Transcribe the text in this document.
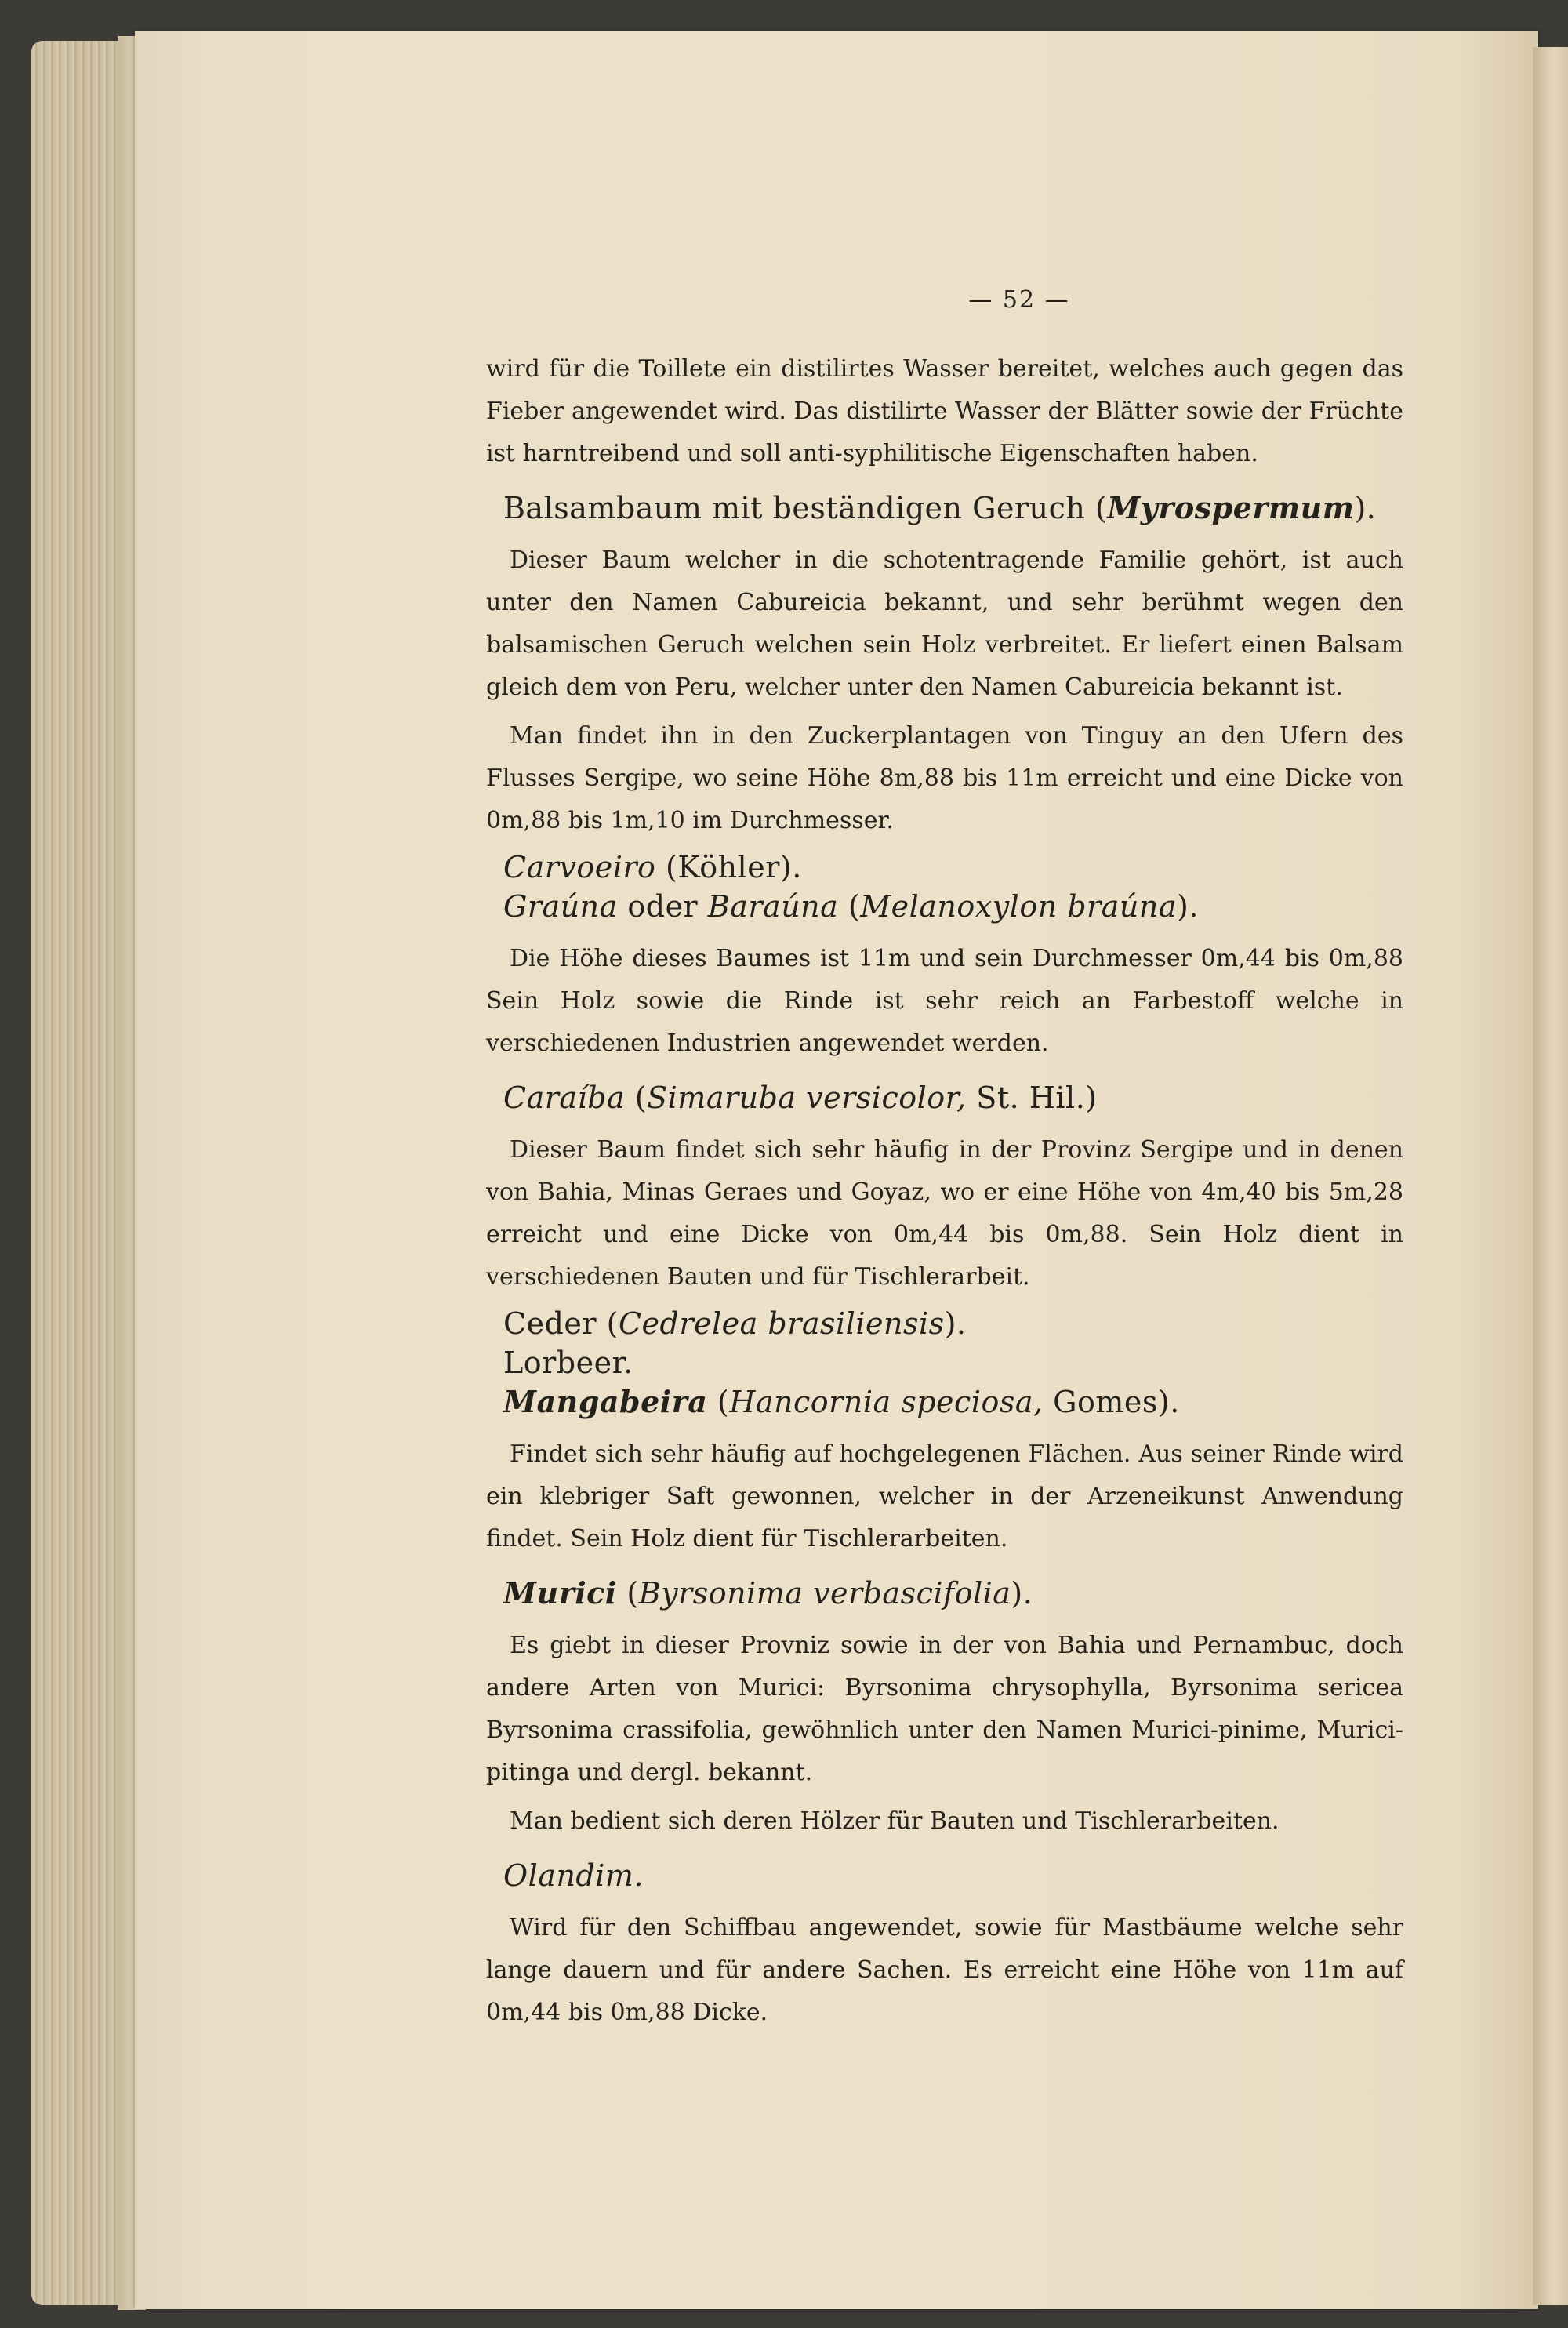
— 52 —

wird für die Toillete ein distilirtes Wasser bereitet, welches auch gegen das Fieber angewendet wird. Das distilirte Wasser der Blätter sowie der Früchte ist harntreibend und soll anti-syphilitische Eigenschaften haben.

Balsambaum mit beständigen Geruch (Myrospermum).

Dieser Baum welcher in die schotentragende Familie gehört, ist auch unter den Namen Cabureicia bekannt, und sehr berühmt wegen den balsamischen Geruch welchen sein Holz verbreitet. Er liefert einen Balsam gleich dem von Peru, welcher unter den Namen Cabureicia bekannt ist.

Man findet ihn in den Zuckerplantagen von Tinguy an den Ufern des Flusses Sergipe, wo seine Höhe 8m,88 bis 11m erreicht und eine Dicke von 0m,88 bis 1m,10 im Durchmesser.

Carvoeiro (Köhler).
Graúna oder Baraúna (Melanoxylon braúna).

Die Höhe dieses Baumes ist 11m und sein Durchmesser 0m,44 bis 0m,88 Sein Holz sowie die Rinde ist sehr reich an Farbestoff welche in verschiedenen Industrien angewendet werden.

Caraíba (Simaruba versicolor, St. Hil.)

Dieser Baum findet sich sehr häufig in der Provinz Sergipe und in denen von Bahia, Minas Geraes und Goyaz, wo er eine Höhe von 4m,40 bis 5m,28 erreicht und eine Dicke von 0m,44 bis 0m,88. Sein Holz dient in verschiedenen Bauten und für Tischlerarbeit.

Ceder (Cedrelea brasiliensis).
Lorbeer.
Mangabeira (Hancornia speciosa, Gomes).

Findet sich sehr häufig auf hochgelegenen Flächen. Aus seiner Rinde wird ein klebriger Saft gewonnen, welcher in der Arzeneikunst Anwendung findet. Sein Holz dient für Tischlerarbeiten.

Murici (Byrsonima verbascifolia).

Es giebt in dieser Provniz sowie in der von Bahia und Pernambuc, doch andere Arten von Murici: Byrsonima chrysophylla, Byrsonima sericea Byrsonima crassifolia, gewöhnlich unter den Namen Murici-pinime, Murici-pitinga und dergl. bekannt.

Man bedient sich deren Hölzer für Bauten und Tischlerarbeiten.

Olandim.

Wird für den Schiffbau angewendet, sowie für Mastbäume welche sehr lange dauern und für andere Sachen. Es erreicht eine Höhe von 11m auf 0m,44 bis 0m,88 Dicke.
